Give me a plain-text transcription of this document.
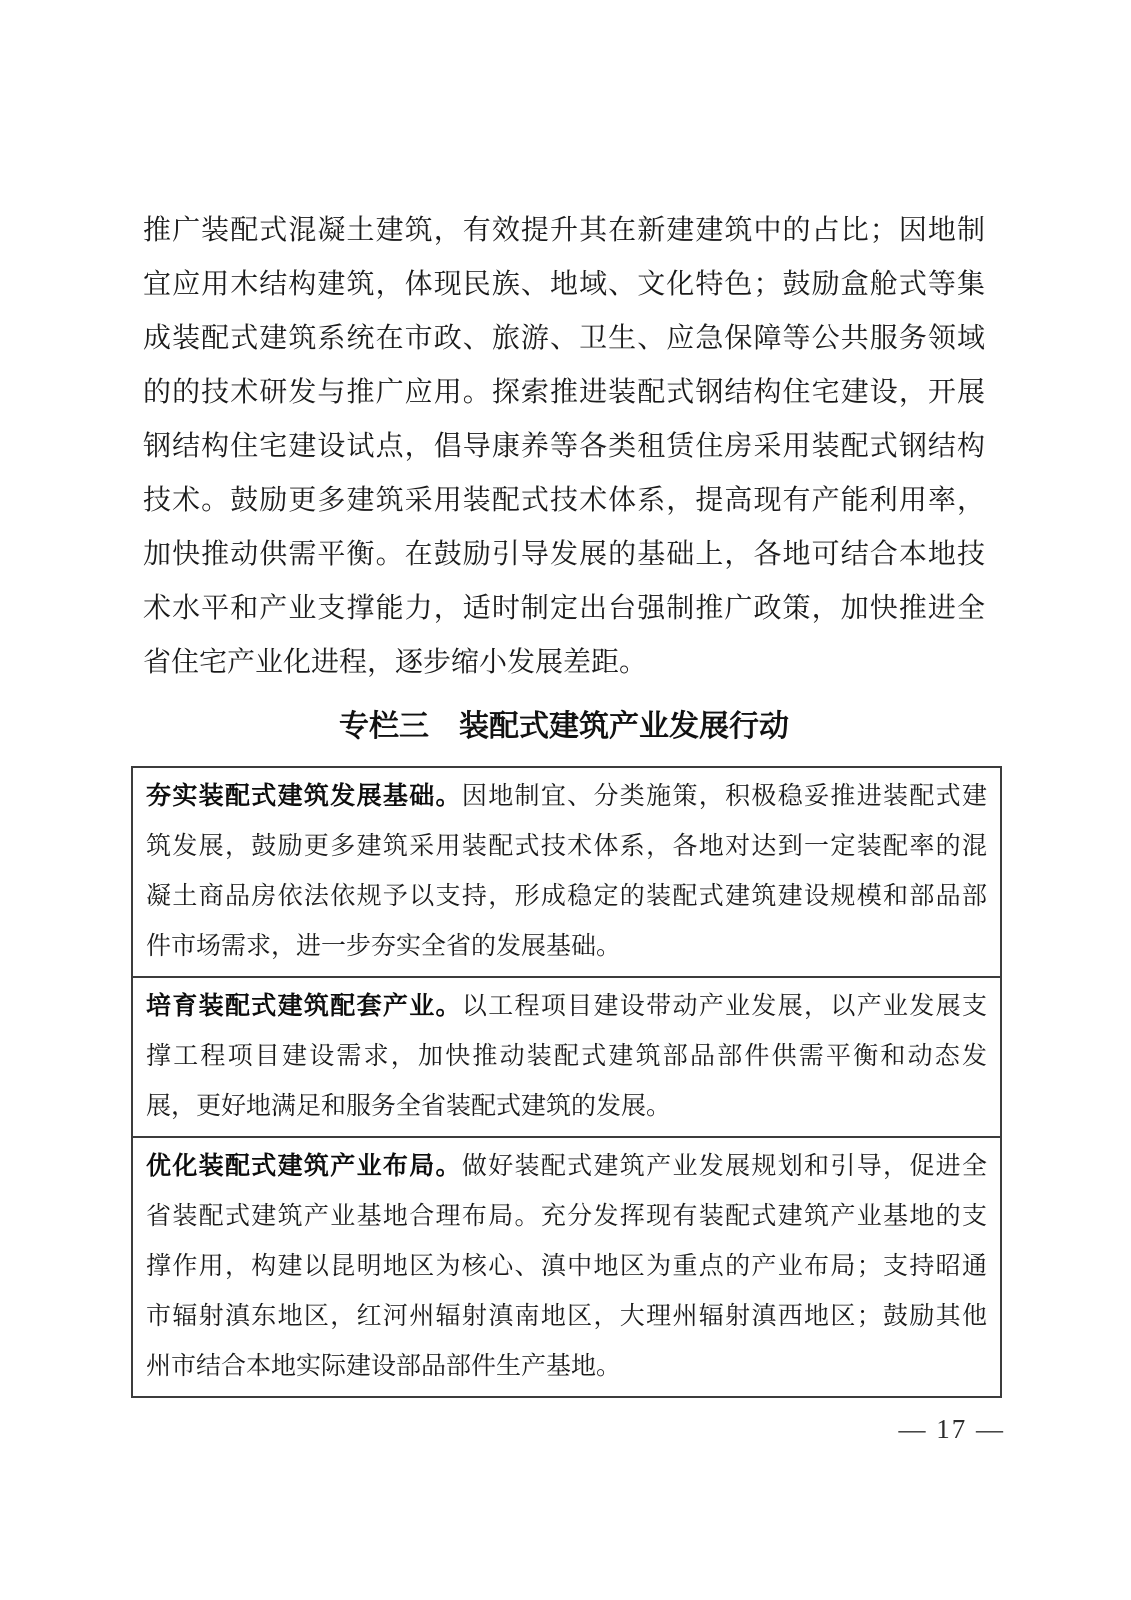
推广装配式混凝土建筑，有效提升其在新建建筑中的占比；因地制
宜应用木结构建筑，体现民族、地域、文化特色；鼓励盒舱式等集
成装配式建筑系统在市政、旅游、卫生、应急保障等公共服务领域
的的技术研发与推广应用。探索推进装配式钢结构住宅建设，开展
钢结构住宅建设试点，倡导康养等各类租赁住房采用装配式钢结构
技术。鼓励更多建筑采用装配式技术体系，提高现有产能利用率，
加快推动供需平衡。在鼓励引导发展的基础上，各地可结合本地技
术水平和产业支撑能力，适时制定出台强制推广政策，加快推进全
省住宅产业化进程，逐步缩小发展差距。
专栏三　装配式建筑产业发展行动
夯实装配式建筑发展基础。因地制宜、分类施策，积极稳妥推进装配式建
筑发展，鼓励更多建筑采用装配式技术体系，各地对达到一定装配率的混
凝土商品房依法依规予以支持，形成稳定的装配式建筑建设规模和部品部
件市场需求，进一步夯实全省的发展基础。
培育装配式建筑配套产业。以工程项目建设带动产业发展，以产业发展支
撑工程项目建设需求，加快推动装配式建筑部品部件供需平衡和动态发
展，更好地满足和服务全省装配式建筑的发展。
优化装配式建筑产业布局。做好装配式建筑产业发展规划和引导，促进全
省装配式建筑产业基地合理布局。充分发挥现有装配式建筑产业基地的支
撑作用，构建以昆明地区为核心、滇中地区为重点的产业布局；支持昭通
市辐射滇东地区，红河州辐射滇南地区，大理州辐射滇西地区；鼓励其他
州市结合本地实际建设部品部件生产基地。
— 17 —
